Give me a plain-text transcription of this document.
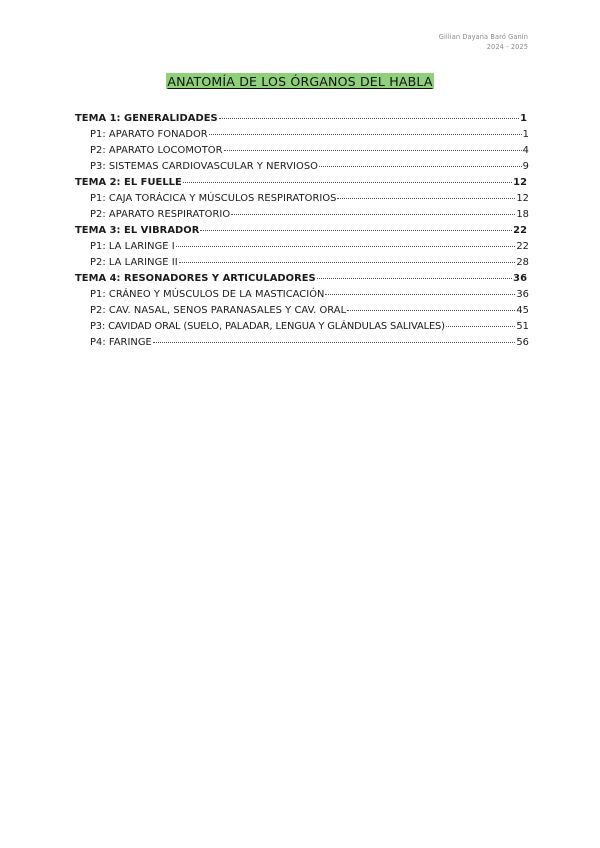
Gillian Dayana Baró Ganín
2024 - 2025
ANATOMÍA DE LOS ÓRGANOS DEL HABLA
TEMA 1: GENERALIDADES	1
P1: APARATO FONADOR	1
P2: APARATO LOCOMOTOR	4
P3: SISTEMAS CARDIOVASCULAR Y NERVIOSO	9
TEMA 2: EL FUELLE	12
P1: CAJA TORÁCICA Y MÚSCULOS RESPIRATORIOS	12
P2: APARATO RESPIRATORIO	18
TEMA 3: EL VIBRADOR	22
P1: LA LARINGE I	22
P2: LA LARINGE II	28
TEMA 4: RESONADORES Y ARTICULADORES	36
P1: CRÁNEO Y MÚSCULOS DE LA MASTICACIÓN	36
P2: CAV. NASAL, SENOS PARANASALES Y CAV. ORAL	45
P3: CAVIDAD ORAL (SUELO, PALADAR, LENGUA Y GLÁNDULAS SALIVALES)	51
P4: FARINGE	56
